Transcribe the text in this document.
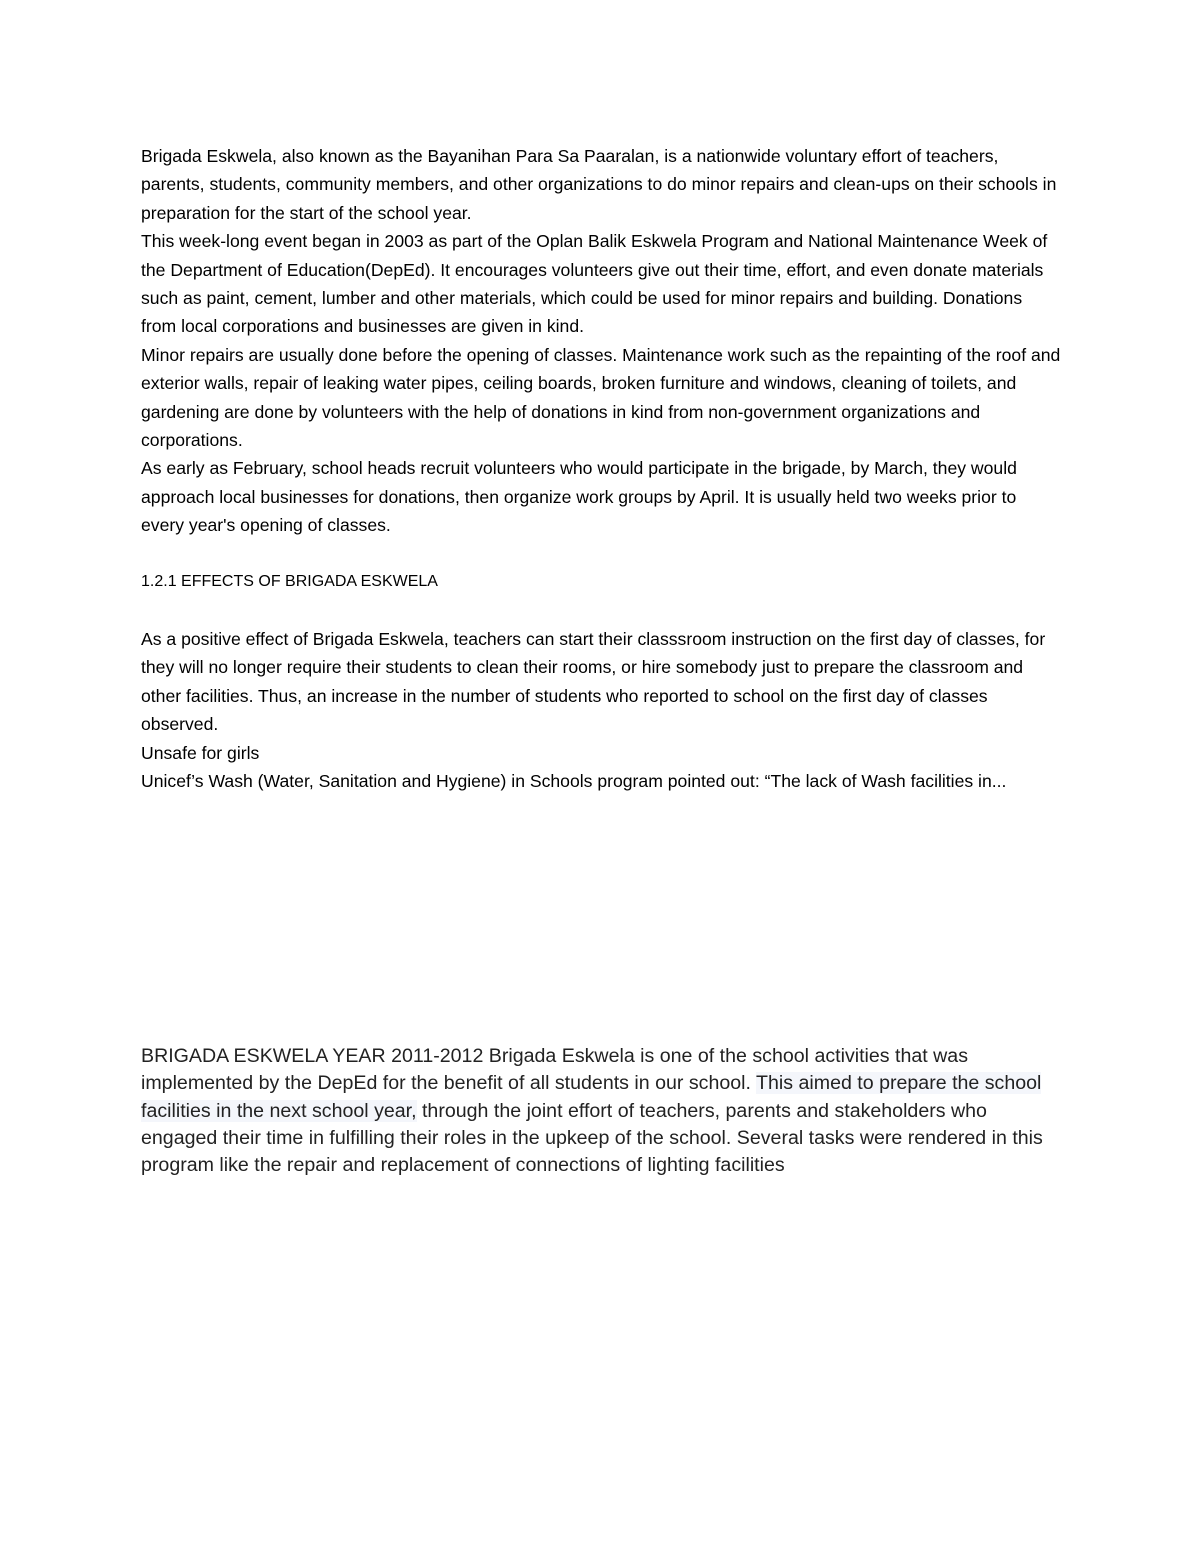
Brigada Eskwela, also known as the Bayanihan Para Sa Paaralan, is a nationwide voluntary effort of teachers, parents, students, community members, and other organizations to do minor repairs and clean-ups on their schools in preparation for the start of the school year.

This week-long event began in 2003 as part of the Oplan Balik Eskwela Program and National Maintenance Week of the Department of Education(DepEd). It encourages volunteers give out their time, effort, and even donate materials such as paint, cement, lumber and other materials, which could be used for minor repairs and building. Donations from local corporations and businesses are given in kind.

Minor repairs are usually done before the opening of classes. Maintenance work such as the repainting of the roof and exterior walls, repair of leaking water pipes, ceiling boards, broken furniture and windows, cleaning of toilets, and gardening are done by volunteers with the help of donations in kind from non-government organizations and corporations.

As early as February, school heads recruit volunteers who would participate in the brigade, by March, they would approach local businesses for donations, then organize work groups by April. It is usually held two weeks prior to every year's opening of classes.

1.2.1 EFFECTS OF BRIGADA ESKWELA

As a positive effect of Brigada Eskwela, teachers can start their classsroom instruction on the first day of classes, for they will no longer require their students to clean their rooms, or hire somebody just to prepare the classroom and other facilities. Thus, an increase in the number of students who reported to school on the first day of classes observed.

Unsafe for girls

Unicef’s Wash (Water, Sanitation and Hygiene) in Schools program pointed out: “The lack of Wash facilities in...

BRIGADA ESKWELA YEAR 2011-2012 Brigada Eskwela is one of the school activities that was implemented by the DepEd for the benefit of all students in our school. This aimed to prepare the school facilities in the next school year, through the joint effort of teachers, parents and stakeholders who engaged their time in fulfilling their roles in the upkeep of the school. Several tasks were rendered in this program like the repair and replacement of connections of lighting facilities
